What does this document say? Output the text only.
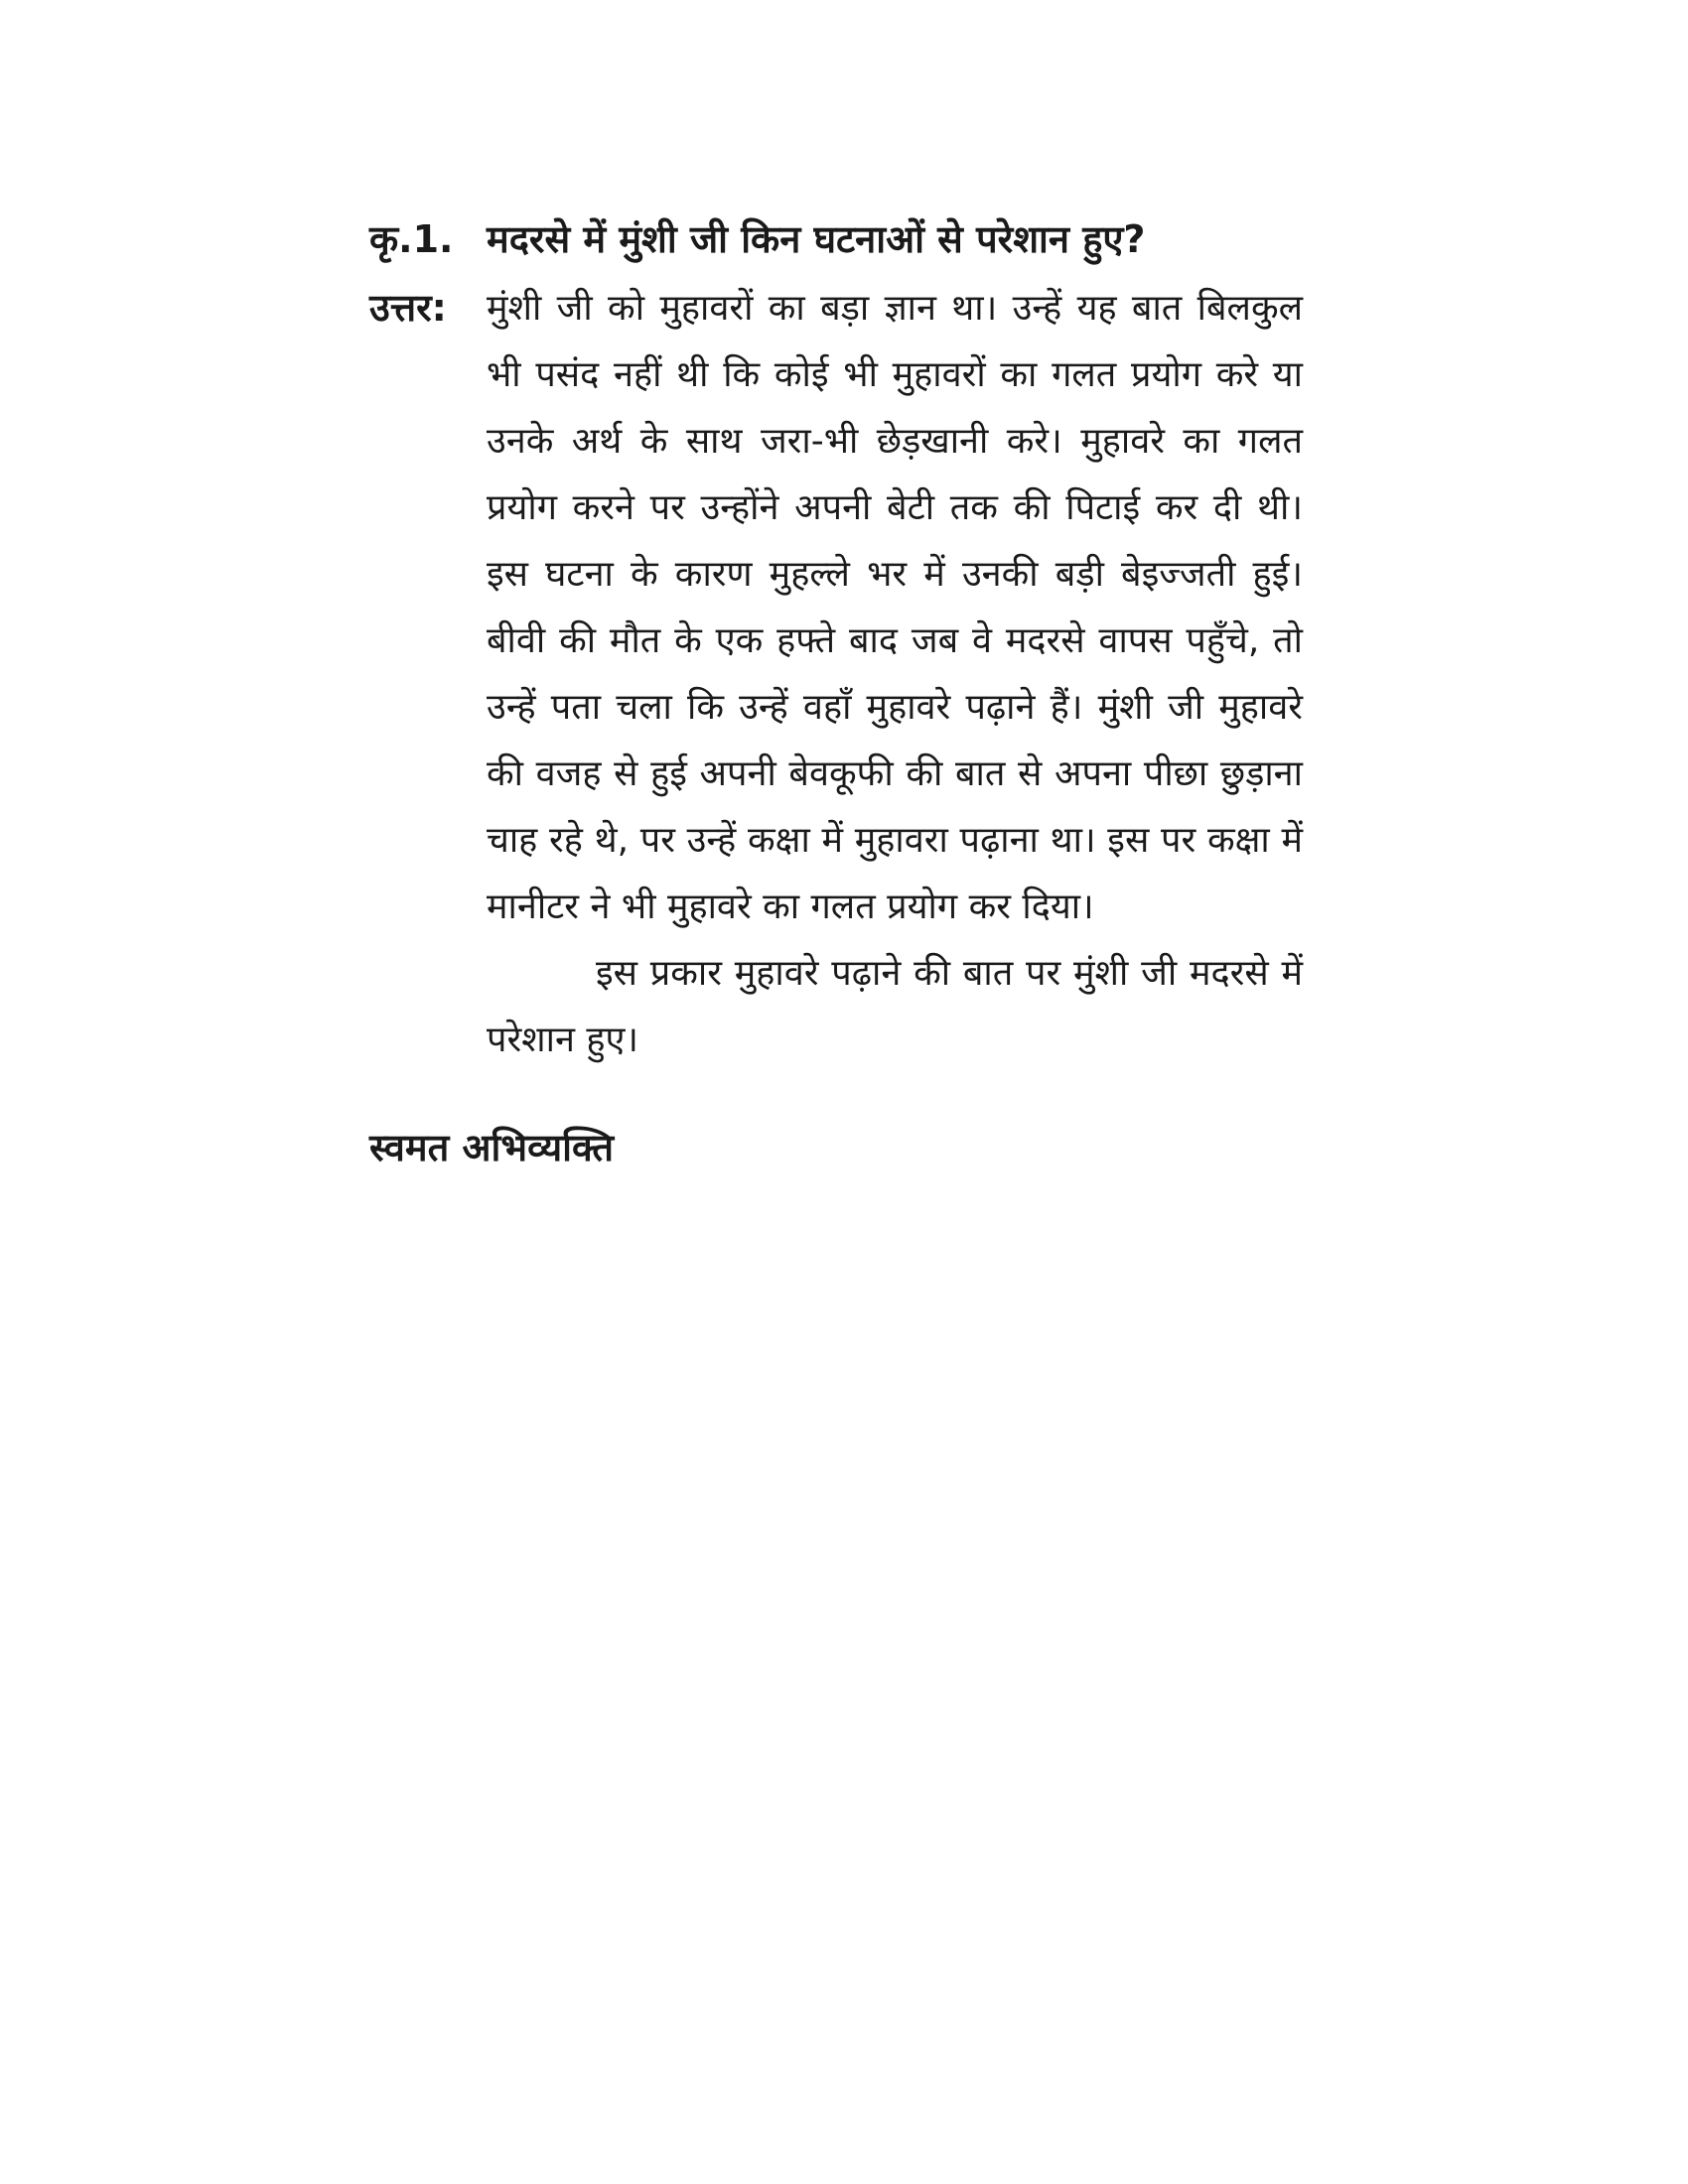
कृ.1. मदरसे में मुंशी जी किन घटनाओं से परेशान हुए?
उत्तर:	मुंशी जी को मुहावरों का बड़ा ज्ञान था। उन्हें यह बात बिलकुल भी पसंद नहीं थी कि कोई भी मुहावरों का गलत प्रयोग करे या उनके अर्थ के साथ जरा-भी छेड़खानी करे। मुहावरे का गलत प्रयोग करने पर उन्होंने अपनी बेटी तक की पिटाई कर दी थी। इस घटना के कारण मुहल्ले भर में उनकी बड़ी बेइज्जती हुई। बीवी की मौत के एक हफ्ते बाद जब वे मदरसे वापस पहुँचे, तो उन्हें पता चला कि उन्हें वहाँ मुहावरे पढ़ाने हैं। मुंशी जी मुहावरे की वजह से हुई अपनी बेवकूफी की बात से अपना पीछा छुड़ाना चाह रहे थे, पर उन्हें कक्षा में मुहावरा पढ़ाना था। इस पर कक्षा में मानीटर ने भी मुहावरे का गलत प्रयोग कर दिया।

इस प्रकार मुहावरे पढ़ाने की बात पर मुंशी जी मदरसे में परेशान हुए।

स्वमत अभिव्यक्ति
